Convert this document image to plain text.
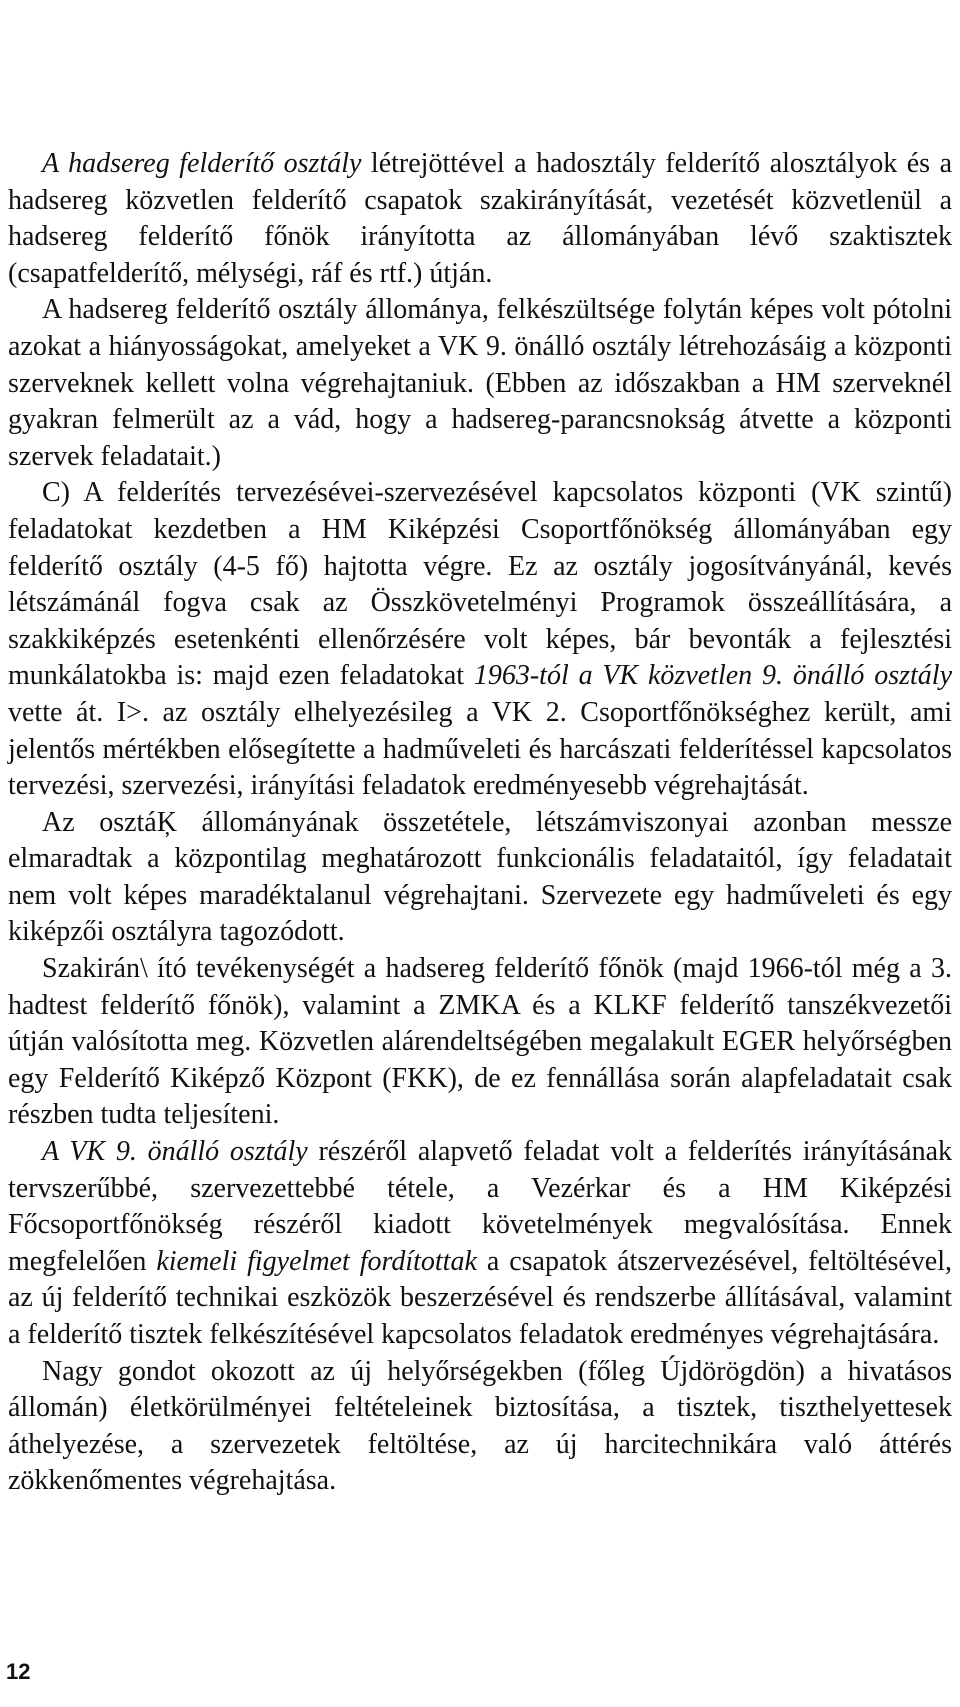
A hadsereg felderítő osztály létrejöttével a hadosztály felderítő alosztályok és a hadsereg közvetlen felderítő csapatok szakirányítását, vezetését közvetlenül a hadsereg felderítő főnök irányította az állományában lévő szaktisztek (csapatfelderítő, mélységi, ráf és rtf.) útján.

A hadsereg felderítő osztály állománya, felkészültsége folytán képes volt pótolni azokat a hiányosságokat, amelyeket a VK 9. önálló osztály létrehozásáig a központi szerveknek kellett volna végrehajtaniuk. (Ebben az időszakban a HM szerveknél gyakran felmerült az a vád, hogy a hadsereg-parancsnokság átvette a központi szervek feladatait.)

C) A felderítés tervezésévei-szervezésével kapcsolatos központi (VK szintű) feladatokat kezdetben a HM Kiképzési Csoportfőnökség állományában egy felderítő osztály (4-5 fő) hajtotta végre. Ez az osztály jogosítványánál, kevés létszámánál fogva csak az Összkövetelményi Programok összeállítására, a szakkiképzés esetenkénti ellenőrzésére volt képes, bár bevonták a fejlesztési munkálatokba is: majd ezen feladatokat 1963-tól a VK közvetlen 9. önálló osztály vette át. I>. az osztály elhelyezésileg a VK 2. Csoportfőnökséghez került, ami jelentős mértékben elősegítette a hadműveleti és harcászati felderítéssel kapcsolatos tervezési, szervezési, irányítási feladatok eredményesebb végrehajtását.

Az osztáĶ állományának összetétele, létszámviszonyai azonban messze elmaradtak a központilag meghatározott funkcionális feladataitól, így feladatait nem volt képes maradéktalanul végrehajtani. Szervezete egy hadműveleti és egy kiképzői osztályra tagozódott.

Szakirán\ ító tevékenységét a hadsereg felderítő főnök (majd 1966-tól még a 3. hadtest felderítő főnök), valamint a ZMKA és a KLKF felderítő tanszékvezetői útján valósította meg. Közvetlen alárendeltségében megalakult EGER helyőrségben egy Felderítő Kiképző Központ (FKK), de ez fennállása során alapfeladatait csak részben tudta teljesíteni.

A VK 9. önálló osztály részéről alapvető feladat volt a felderítés irányításának tervszerűbbé, szervezettebbé tétele, a Vezérkar és a HM Kiképzési Főcsoportfőnökség részéről kiadott követelmények megvalósítása. Ennek megfelelően kiemeli figyelmet fordítottak a csapatok átszervezésével, feltöltésével, az új felderítő technikai eszközök beszerzésével és rendszerbe állításával, valamint a felderítő tisztek felkészítésével kapcsolatos feladatok eredményes végrehajtására.

Nagy gondot okozott az új helyőrségekben (főleg Újdörögdön) a hivatásos állomán) életkörülményei feltételeinek biztosítása, a tisztek, tiszthelyettesek áthelyezése, a szervezetek feltöltése, az új harcitechnikára való áttérés zökkenőmentes végrehajtása.

12
